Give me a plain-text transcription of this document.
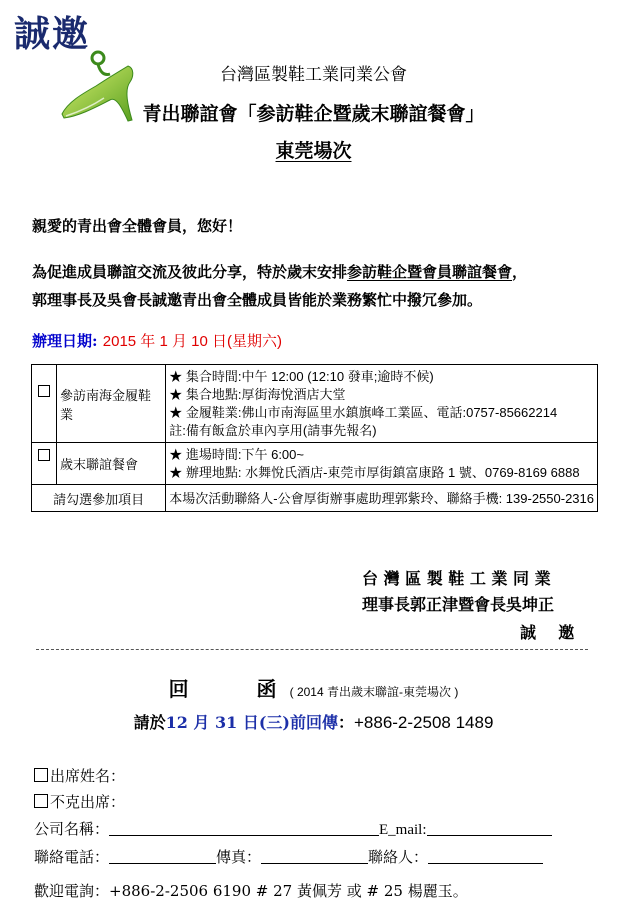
誠邀
台灣區製鞋工業同業公會
青出聯誼會「参訪鞋企暨歲末聯誼餐會」
東莞場次
親愛的青出會全體會員，您好！
為促進成員聯誼交流及彼此分享，特於歲末安排参訪鞋企暨會員聯誼餐會，
郭理事長及吳會長誠邀青出會全體成員皆能於業務繁忙中撥冗參加。
辦理日期: 2015 年 1 月 10 日(星期六)
	參訪南海金履鞋業	★ 集合時間:中午 12:00 (12:10 發車;逾時不候)

★ 集合地點:厚街海悅酒店大堂

★ 金履鞋業:佛山市南海區里水鎮旗峰工業區、電話:0757-85662214

註:備有飯盒於車內享用(請事先報名)

	歲末聯誼餐會	★ 進場時間:下午 6:00~

★ 辦理地點: 水舞悅氏酒店-東莞市厚街鎮富康路 1 號、0769-8169 6888

請勾選參加項目		本場次活動聯絡人-公會厚街辦事處助理郭紫玲、聯絡手機: 139-2550-2316

台 灣 區 製 鞋 工 業 同 業
理事長郭正津暨會長吳坤正
誠    邀
回    函 ( 2014 青出歲末聯誼-東莞場次 )
請於12 月 31 日(三)前回傳：+886-2-2508 1489
出席姓名：
不克出席：
公司名稱：	E_mail:
聯絡電話：	傳真：	聯絡人：
歡迎電詢：+886-2-2506 6190 # 27 黃佩芳 或 # 25 楊麗玉。
